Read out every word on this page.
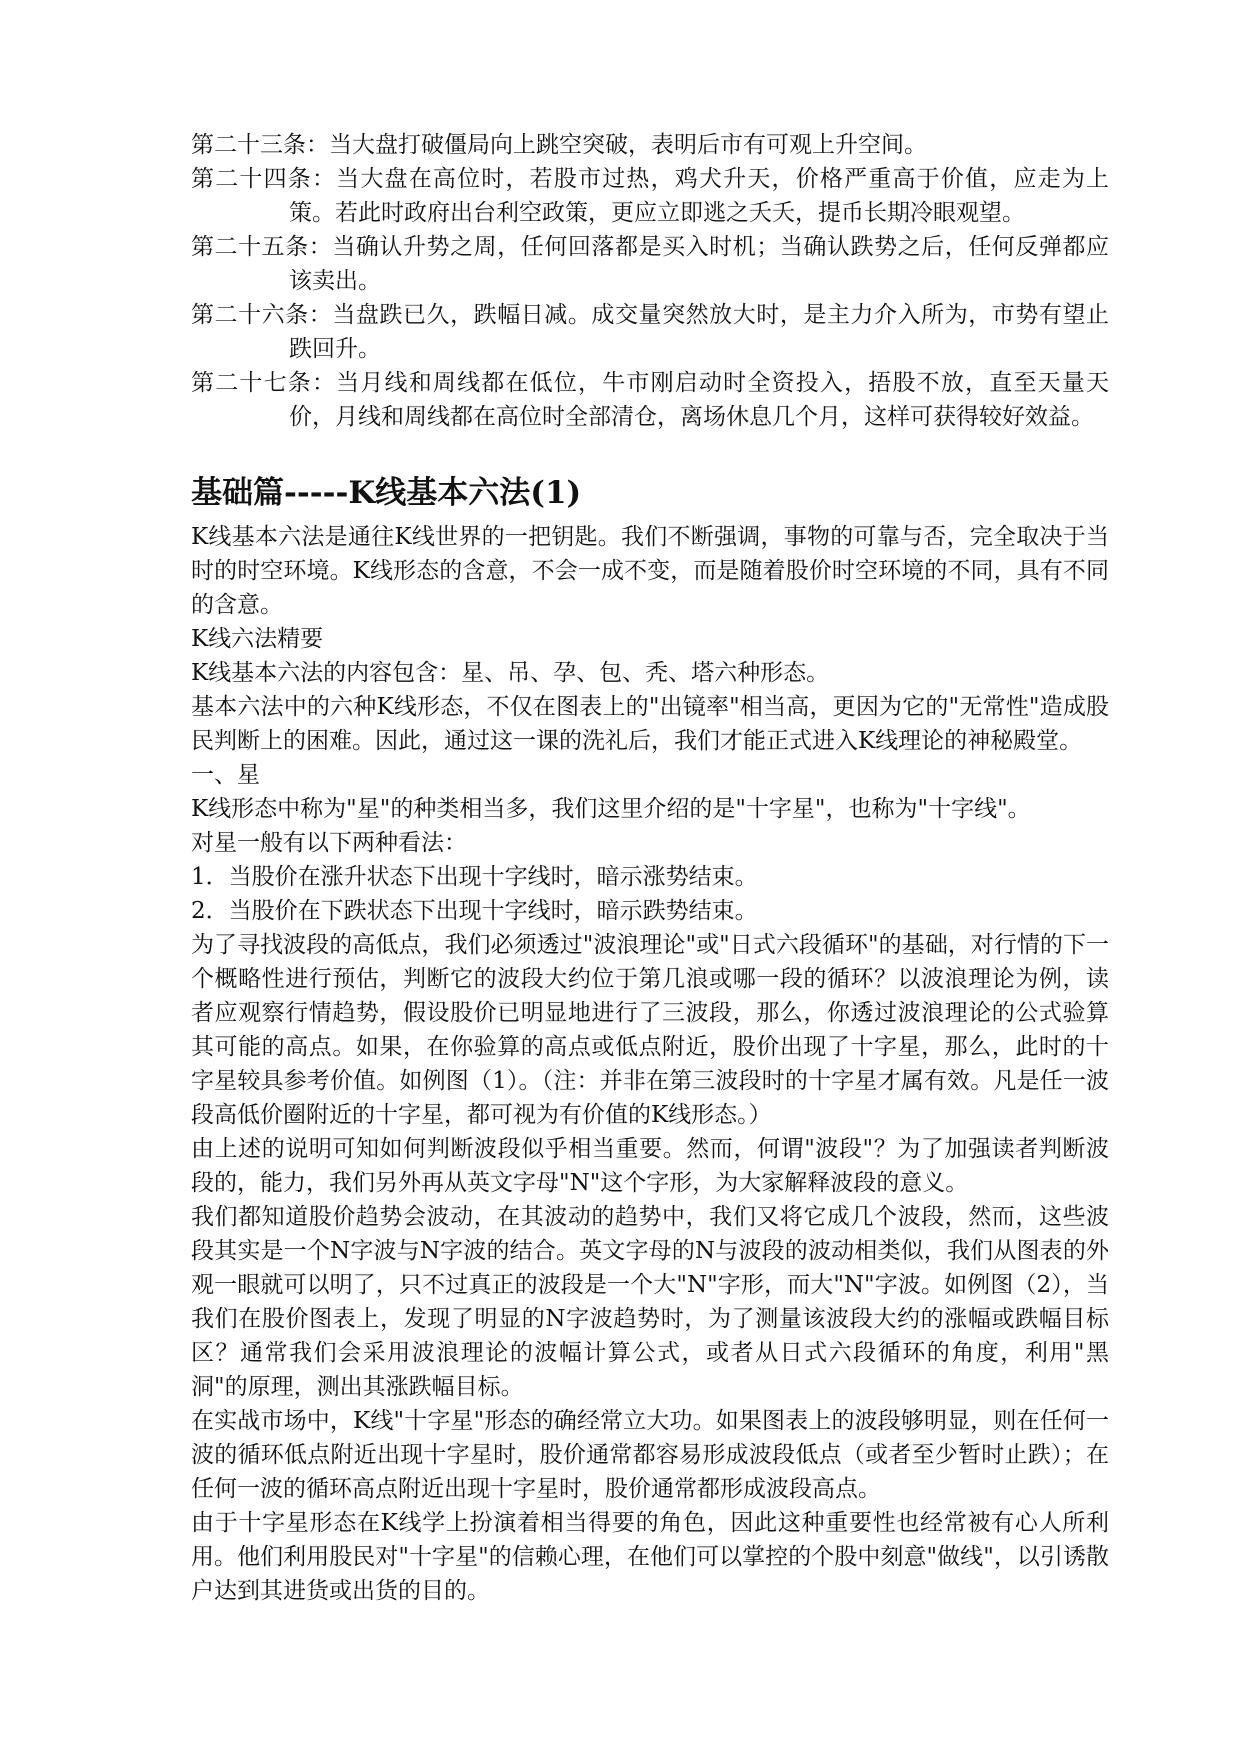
第二十三条：当大盘打破僵局向上跳空突破，表明后市有可观上升空间。

第二十四条：当大盘在高位时，若股市过热，鸡犬升天，价格严重高于价值，应走为上策。若此时政府出台利空政策，更应立即逃之夭夭，提币长期冷眼观望。

第二十五条：当确认升势之周，任何回落都是买入时机；当确认跌势之后，任何反弹都应该卖出。

第二十六条：当盘跌已久，跌幅日减。成交量突然放大时，是主力介入所为，市势有望止跌回升。

第二十七条：当月线和周线都在低位，牛市刚启动时全资投入，捂股不放，直至天量天价，月线和周线都在高位时全部清仓，离场休息几个月，这样可获得较好效益。

基础篇-----K线基本六法(1)

K线基本六法是通往K线世界的一把钥匙。我们不断强调，事物的可靠与否，完全取决于当时的时空环境。K线形态的含意，不会一成不变，而是随着股价时空环境的不同，具有不同的含意。

K线六法精要

K线基本六法的内容包含：星、吊、孕、包、秃、塔六种形态。

基本六法中的六种K线形态，不仅在图表上的"出镜率"相当高，更因为它的"无常性"造成股民判断上的困难。因此，通过这一课的洗礼后，我们才能正式进入K线理论的神秘殿堂。

一、星

K线形态中称为"星"的种类相当多，我们这里介绍的是"十字星"，也称为"十字线"。

对星一般有以下两种看法：

1．当股价在涨升状态下出现十字线时，暗示涨势结束。

2．当股价在下跌状态下出现十字线时，暗示跌势结束。

为了寻找波段的高低点，我们必须透过"波浪理论"或"日式六段循环"的基础，对行情的下一个概略性进行预估，判断它的波段大约位于第几浪或哪一段的循环？以波浪理论为例，读者应观察行情趋势，假设股价已明显地进行了三波段，那么，你透过波浪理论的公式验算其可能的高点。如果，在你验算的高点或低点附近，股价出现了十字星，那么，此时的十字星较具参考价值。如例图（1）。（注：并非在第三波段时的十字星才属有效。凡是任一波段高低价圈附近的十字星，都可视为有价值的K线形态。）

由上述的说明可知如何判断波段似乎相当重要。然而，何谓"波段"？为了加强读者判断波段的，能力，我们另外再从英文字母"N"这个字形，为大家解释波段的意义。

我们都知道股价趋势会波动，在其波动的趋势中，我们又将它成几个波段，然而，这些波段其实是一个N字波与N字波的结合。英文字母的N与波段的波动相类似，我们从图表的外观一眼就可以明了，只不过真正的波段是一个大"N"字形，而大"N"字波。如例图（2），当我们在股价图表上，发现了明显的N字波趋势时，为了测量该波段大约的涨幅或跌幅目标区？通常我们会采用波浪理论的波幅计算公式，或者从日式六段循环的角度，利用"黑洞"的原理，测出其涨跌幅目标。

在实战市场中，K线"十字星"形态的确经常立大功。如果图表上的波段够明显，则在任何一波的循环低点附近出现十字星时，股价通常都容易形成波段低点（或者至少暂时止跌）；在任何一波的循环高点附近出现十字星时，股价通常都形成波段高点。

由于十字星形态在K线学上扮演着相当得要的角色，因此这种重要性也经常被有心人所利用。他们利用股民对"十字星"的信赖心理，在他们可以掌控的个股中刻意"做线"，以引诱散户达到其进货或出货的目的。
